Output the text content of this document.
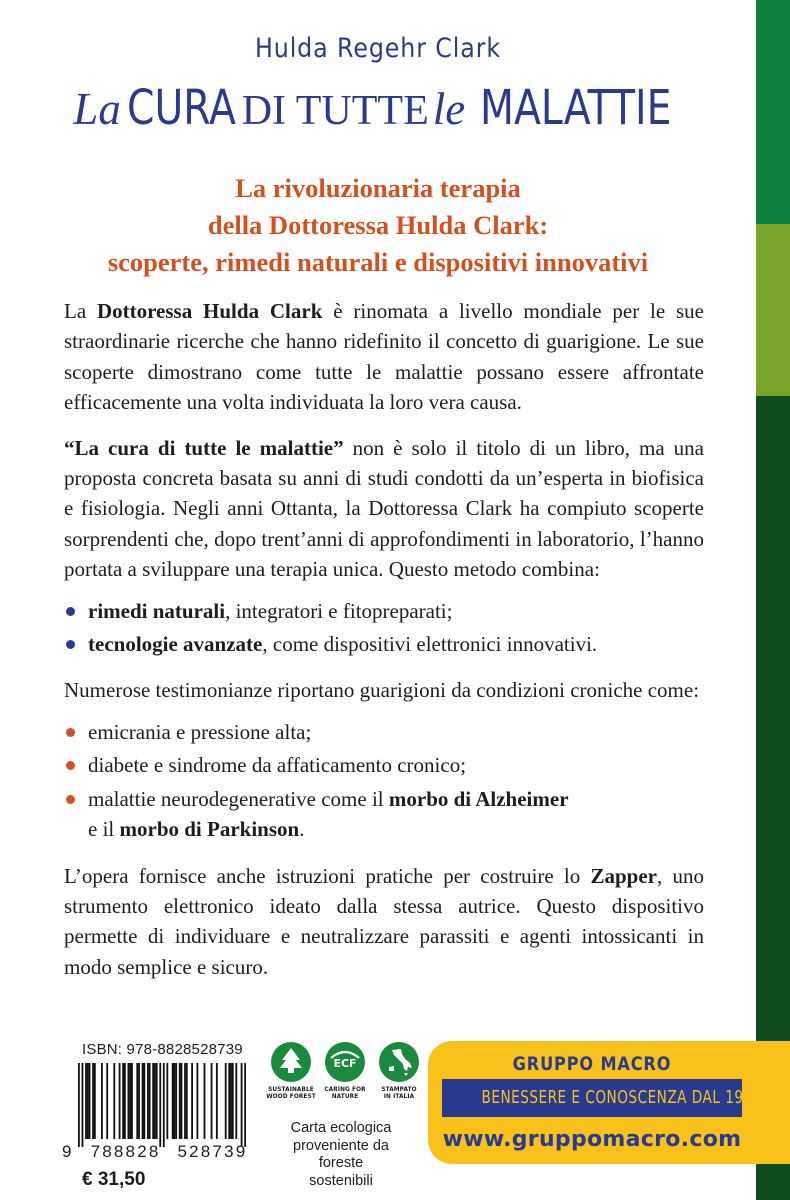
Hulda Regehr Clark
La CURA DI TUTTE le MALATTIE
La rivoluzionaria terapia
della Dottoressa Hulda Clark:
scoperte, rimedi naturali e dispositivi innovativi

La Dottoressa Hulda Clark è rinomata a livello mondiale per le sue straordinarie ricerche che hanno ridefinito il concetto di guarigione. Le sue scoperte dimostrano come tutte le malattie possano essere affrontate efficacemente una volta individuata la loro vera causa.

“La cura di tutte le malattie” non è solo il titolo di un libro, ma una proposta concreta basata su anni di studi condotti da un’esperta in biofisica e fisiologia. Negli anni Ottanta, la Dottoressa Clark ha compiuto scoperte sorprendenti che, dopo trent’anni di approfondimenti in laboratorio, l’hanno portata a sviluppare una terapia unica. Questo metodo combina:

rimedi naturali, integratori e fitopreparati;
tecnologie avanzate, come dispositivi elettronici innovativi.

Numerose testimonianze riportano guarigioni da condizioni croniche come:

emicrania e pressione alta;
diabete e sindrome da affaticamento cronico;
malattie neurodegenerative come il morbo di Alzheimer
e il morbo di Parkinson.

L’opera fornisce anche istruzioni pratiche per costruire lo Zapper, uno strumento elettronico ideato dalla stessa autrice. Questo dispositivo permette di individuare e neutralizzare parassiti e agenti intossicanti in modo semplice e sicuro.

ISBN: 978-8828528739
9 788828 528739
€ 31,50
SUSTAINABLE
WOOD FOREST
ECF
CARING FOR
NATURE
STAMPATO
IN ITALIA
Carta ecologica proveniente da foreste sostenibili
GRUPPO MACRO
BENESSERE E CONOSCENZA DAL 1987
www.gruppomacro.com
